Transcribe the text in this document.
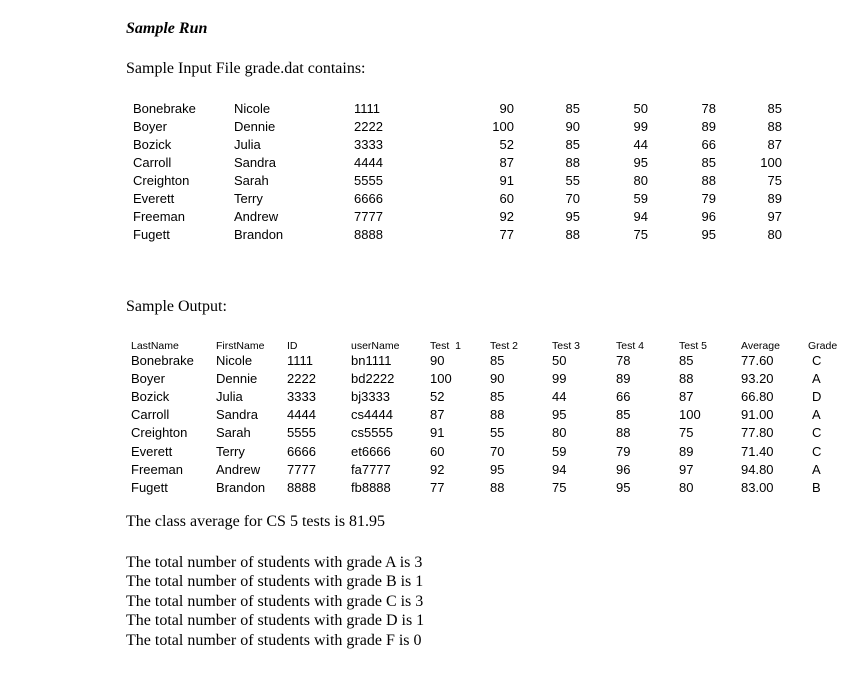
Sample Run
Sample Input File grade.dat contains:
Bonebrake	Nicole	1111	90	85	50	78	85
Boyer	Dennie	2222	100	90	99	89	88
Bozick	Julia	3333	52	85	44	66	87
Carroll	Sandra	4444	87	88	95	85	100
Creighton	Sarah	5555	91	55	80	88	75
Everett	Terry	6666	60	70	59	79	89
Freeman	Andrew	7777	92	95	94	96	97
Fugett	Brandon	8888	77	88	75	95	80
Sample Output:
LastName	FirstName ID	userName	Test  1	Test 2	Test 3	Test 4	Test 5	Average	Grade
Bonebrake Nicole	1111	bn1111	90	85	50	78	85	77.60	C
Boyer	Dennie 2222	bd2222	100	90	99	89	88	93.20	A
Bozick	Julia	3333	bj3333	52	85	44	66	87	66.80	D
Carroll	Sandra 4444	cs4444	87	88	95	85	100	91.00	A
Creighton Sarah	5555	cs5555	91	55	80	88	75	77.80	C
Everett	Terry	6666	et6666	60	70	59	79	89	71.40	C
Freeman	Andrew 7777	fa7777	92	95	94	96	97	94.80	A
Fugett	Brandon 8888	fb8888	77	88	75	95	80	83.00	B
The class average for CS 5 tests is 81.95
The total number of students with grade A is 3
The total number of students with grade B is 1
The total number of students with grade C is 3
The total number of students with grade D is 1
The total number of students with grade F is 0
